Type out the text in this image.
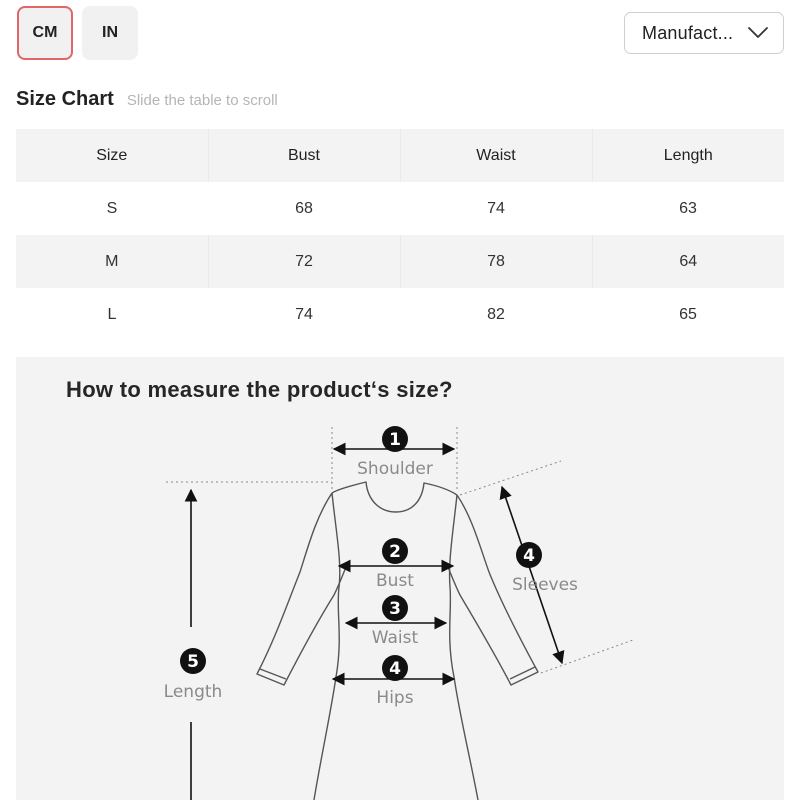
CM	IN	Manufact...
Size Chart Slide the table to scroll
Size	Bust	Waist	Length
S	68	74	63
M	72	78	64
L	74	82	65
How to measure the product‘s size?
1
Shoulder
2
Bust
3
Waist
4
Hips
4
Sleeves
5
Length
